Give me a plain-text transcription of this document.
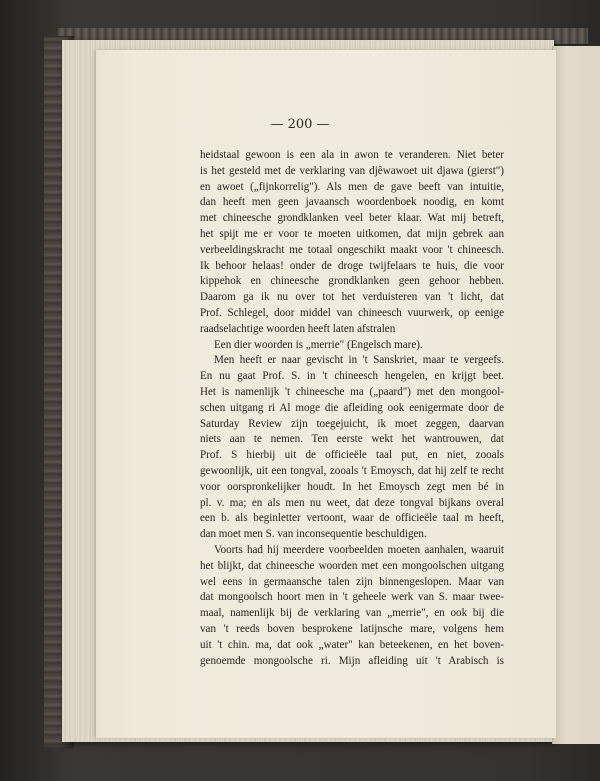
— 200 —
heidstaal gewoon is een ala in awon te veranderen. Niet beter
is het gesteld met de verklaring van djêwawoet uit djawa (gierst")
en awoet („fijnkorrelig"). Als men de gave beeft van intuitie,
dan heeft men geen javaansch woordenboek noodig, en komt
met chineesche grondklanken veel beter klaar. Wat mij betreft,
het spijt me er voor te moeten uitkomen, dat mijn gebrek aan
verbeeldingskracht me totaal ongeschikt maakt voor 't chineesch.
Ik behoor helaas! onder de droge twijfelaars te huis, die voor
kippehok en chineesche grondklanken geen gehoor hebben.
Daarom ga ik nu over tot het verduisteren van 't licht, dat
Prof. Schlegel, door middel van chineesch vuurwerk, op eenige
raadselachtige woorden heeft laten afstralen
Een dier woorden is „merrie" (Engelsch mare).
Men heeft er naar gevischt in 't Sanskriet, maar te vergeefs.
En nu gaat Prof. S. in 't chineesch hengelen, en krijgt beet.
Het is namenlijk 't chineesche ma („paard") met den mongool-
schen uitgang ri Al moge die afleiding ook eenigermate door de
Saturday Review zijn toegejuicht, ik moet zeggen, daarvan
niets aan te nemen. Ten eerste wekt het wantrouwen, dat
Prof. S hierbij uit de officieële taal put, en niet, zooals
gewoonlijk, uit een tongval, zooals 't Emoysch, dat hij zelf te recht
voor oorspronkelijker houdt. In het Emoysch zegt men bé in
pl. v. ma; en als men nu weet, dat deze tongval bijkans overal
een b. als beginletter vertoont, waar de officieële taal m heeft,
dan moet men S. van inconsequentie beschuldigen.
Voorts had hij meerdere voorbeelden moeten aanhalen, waaruit
het blijkt, dat chineesche woorden met een mongoolschen uitgang
wel eens in germaansche talen zijn binnengeslopen. Maar van
dat mongoolsch hoort men in 't geheele werk van S. maar twee-
maal, namenlijk bij de verklaring van „merrie", en ook bij die
van 't reeds boven besprokene latijnsche mare, volgens hem
uit 't chin. ma, dat ook „water" kan beteekenen, en het boven-
genoemde mongoolsche ri. Mijn afleiding uit 't Arabisch is
